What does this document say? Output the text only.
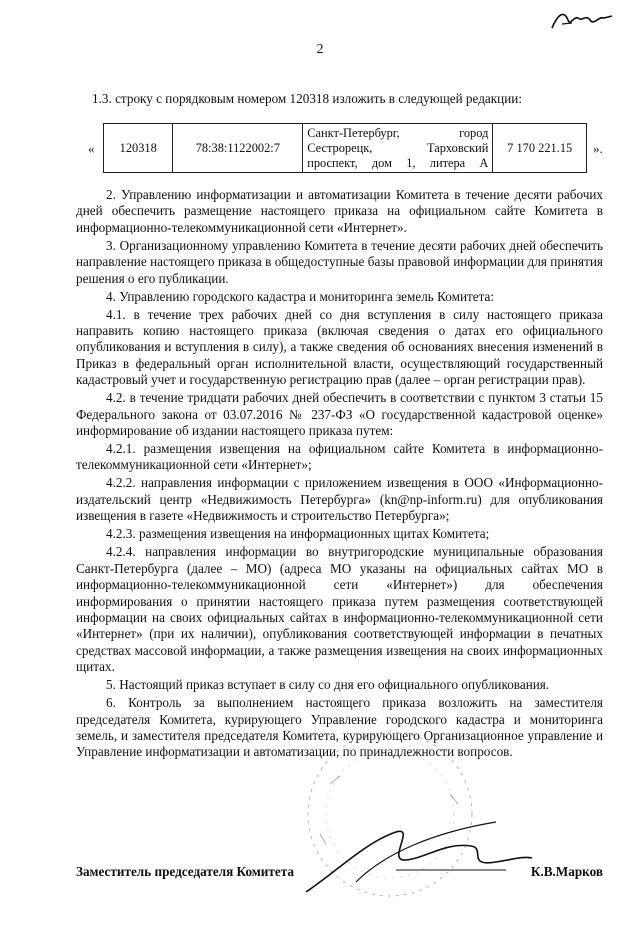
2
1.3. строку с порядковым номером 120318 изложить в следующей редакции:
« 120318	78:38:1122002:7	Санкт-Петербург, город Сестрорецк, Тарховский проспект, дом 1, литера А	7 170 221.15 ».

2. Управлению информатизации и автоматизации Комитета в течение десяти рабочих дней обеспечить размещение настоящего приказа на официальном сайте Комитета в информационно-телекоммуникационной сети «Интернет».

3. Организационному управлению Комитета в течение десяти рабочих дней обеспечить направление настоящего приказа в общедоступные базы правовой информации для принятия решения о его публикации.

4. Управлению городского кадастра и мониторинга земель Комитета:

4.1. в течение трех рабочих дней со дня вступления в силу настоящего приказа направить копию настоящего приказа (включая сведения о датах его официального опубликования и вступления в силу), а также сведения об основаниях внесения изменений в Приказ в федеральный орган исполнительной власти, осуществляющий государственный кадастровый учет и государственную регистрацию прав (далее – орган регистрации прав).

4.2. в течение тридцати рабочих дней обеспечить в соответствии с пунктом 3 статьи 15 Федерального закона от 03.07.2016 № 237-ФЗ «О государственной кадастровой оценке» информирование об издании настоящего приказа путем:

4.2.1. размещения извещения на официальном сайте Комитета в информационно-телекоммуникационной сети «Интернет»;

4.2.2. направления информации с приложением извещения в ООО «Информационно-издательский центр «Недвижимость Петербурга» (kn@np-inform.ru) для опубликования извещения в газете «Недвижимость и строительство Петербурга»;

4.2.3. размещения извещения на информационных щитах Комитета;

4.2.4. направления информации во внутригородские муниципальные образования Санкт-Петербурга (далее – МО) (адреса МО указаны на официальных сайтах МО в информационно-телекоммуникационной сети «Интернет») для обеспечения информирования о принятии настоящего приказа путем размещения соответствующей информации на своих официальных сайтах в информационно-телекоммуникационной сети «Интернет» (при их наличии), опубликования соответствующей информации в печатных средствах массовой информации, а также размещения извещения на своих информационных щитах.

5. Настоящий приказ вступает в силу со дня его официального опубликования.

6. Контроль за выполнением настоящего приказа возложить на заместителя председателя Комитета, курирующего Управление городского кадастра и мониторинга земель, и заместителя председателя Комитета, курирующего Организационное управление и Управление информатизации и автоматизации, по принадлежности вопросов.

Заместитель председателя Комитета	К.В.Марков
